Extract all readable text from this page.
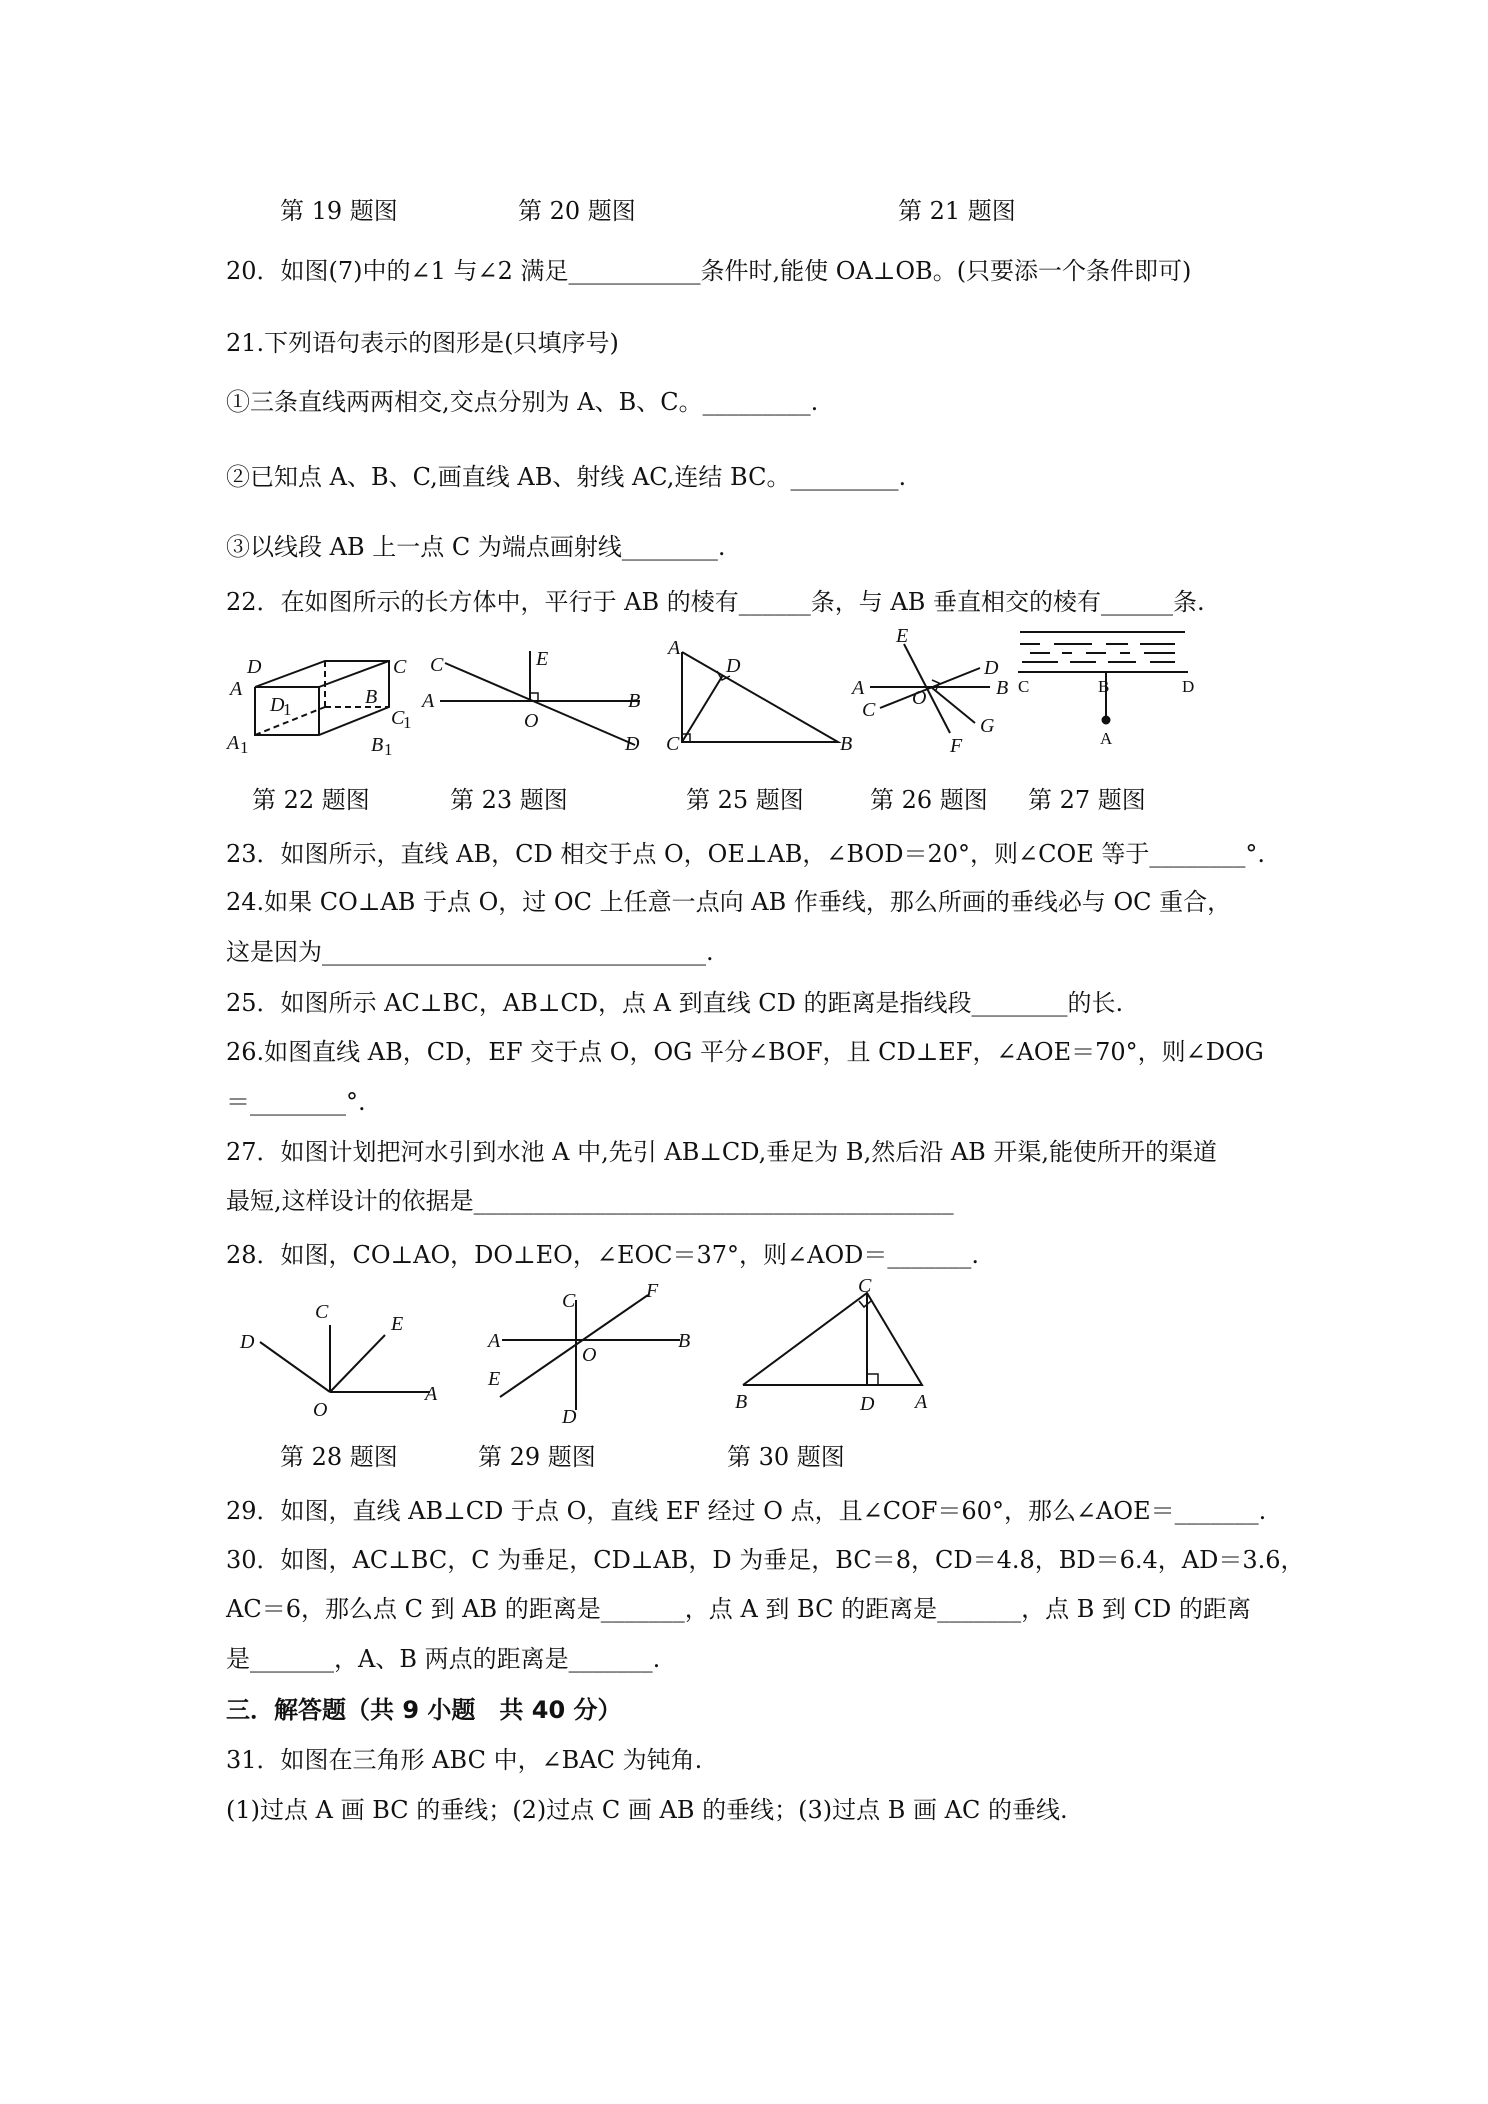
第 19 题图	第 20 题图	第 21 题图
20．如图(7)中的∠1 与∠2 满足___________条件时,能使 OA⊥OB。(只要添一个条件即可)
21.下列语句表示的图形是(只填序号)
①三条直线两两相交,交点分别为 A、B、C。_________.
②已知点 A、B、C,画直线 AB、射线 AC,连结 BC。_________.
③以线段 AB 上一点 C 为端点画射线________.
22．在如图所示的长方体中，平行于 AB 的棱有______条，与 AB 垂直相交的棱有______条.
D	C
A	B
D
1	C
1
A 1	B 1
C	E
A
O
B
D
A
D
C	B
E
D
A	B
C
O
G
F
C	B	D
A
第 22 题图	第 23 题图	第 25 题图	第 26 题图 第 27 题图
23．如图所示，直线 AB，CD 相交于点 O，OE⊥AB，∠BOD＝20°，则∠COE 等于________°.
24.如果 CO⊥AB 于点 O，过 OC 上任意一点向 AB 作垂线，那么所画的垂线必与 OC 重合，
这是因为________________________________.
25．如图所示 AC⊥BC，AB⊥CD，点 A 到直线 CD 的距离是指线段________的长.
26.如图直线 AB，CD，EF 交于点 O，OG 平分∠BOF，且 CD⊥EF，∠AOE＝70°，则∠DOG
＝________°.
27．如图计划把河水引到水池 A 中,先引 AB⊥CD,垂足为 B,然后沿 AB 开渠,能使所开的渠道
最短,这样设计的依据是________________________________________
28．如图，CO⊥AO，DO⊥EO，∠EOC＝37°，则∠AOD＝_______.
C
E
D
O
A
C	F
A
O
B
E
D
C
B	D A
第 28 题图	第 29 题图	第 30 题图
29．如图，直线 AB⊥CD 于点 O，直线 EF 经过 O 点，且∠COF＝60°，那么∠AOE＝_______.
30．如图，AC⊥BC，C 为垂足，CD⊥AB，D 为垂足，BC＝8，CD＝4.8，BD＝6.4，AD＝3.6，
AC＝6，那么点 C 到 AB 的距离是_______，点 A 到 BC 的距离是_______，点 B 到 CD 的距离
是_______，A、B 两点的距离是_______.
三．解答题（共 9 小题　共 40 分）
31．如图在三角形 ABC 中，∠BAC 为钝角.
(1)过点 A 画 BC 的垂线；(2)过点 C 画 AB 的垂线；(3)过点 B 画 AC 的垂线.
